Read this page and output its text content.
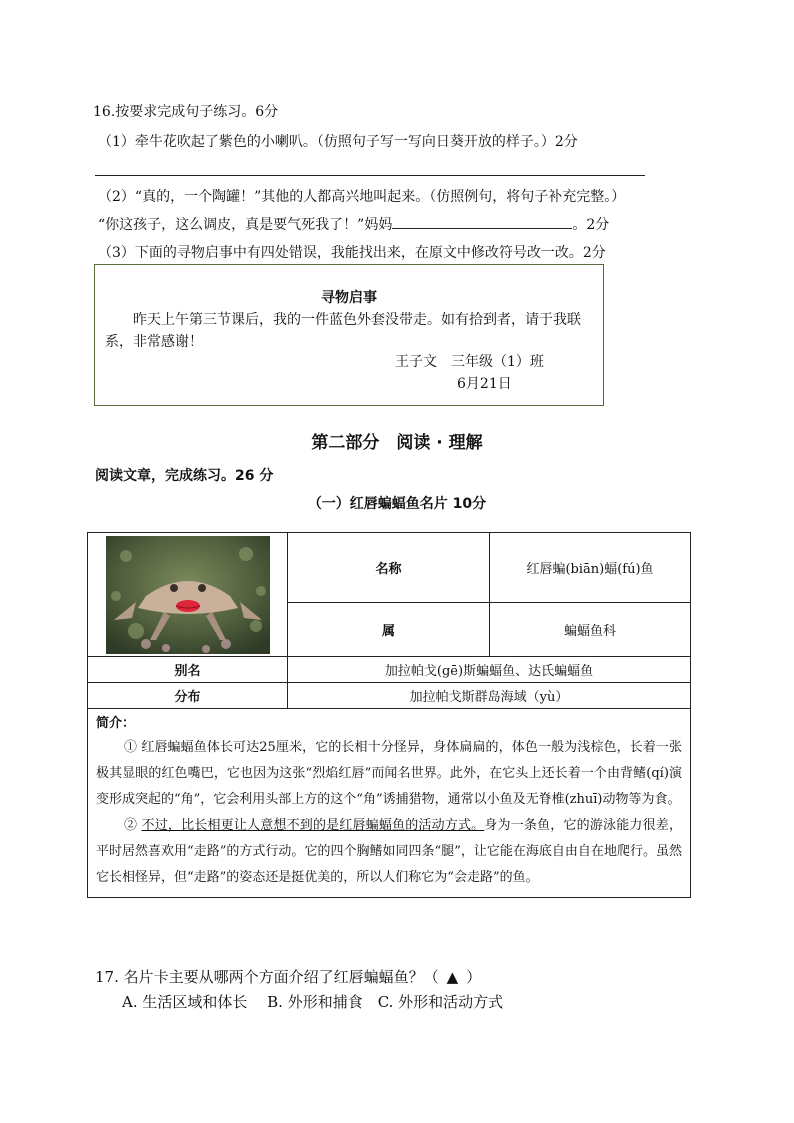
16.按要求完成句子练习。6分
（1）牵牛花吹起了紫色的小喇叭。（仿照句子写一写向日葵开放的样子。）2分
（2）“真的，一个陶罐！”其他的人都高兴地叫起来。（仿照例句，将句子补充完整。）
“你这孩子，这么调皮，真是要气死我了！”妈妈	。2分
（3）下面的寻物启事中有四处错误，我能找出来，在原文中修改符号改一改。2分
寻物启事
昨天上午第三节课后，我的一件蓝色外套没带走。如有拾到者，请于我联系，非常感谢！
王子文　三年级（1）班
6月21日
第二部分　阅读 · 理解
阅读文章，完成练习。26 分
（一）红唇蝙蝠鱼名片 10分
	名称	红唇蝙(biān)蝠(fú)鱼
	属	蝙蝠鱼科
别名	加拉帕戈(gē)斯蝙蝠鱼、达氏蝙蝠鱼	
分布	加拉帕戈斯群岛海域（yù）	

简介：
① 红唇蝙蝠鱼体长可达25厘米，它的长相十分怪异，身体扁扁的，体色一般为浅棕色，长着一张极其显眼的红色嘴巴，它也因为这张“烈焰红唇”而闻名世界。此外，在它头上还长着一个由背鳍(qí)演变形成突起的“角”，它会利用头部上方的这个“角”诱捕猎物，通常以小鱼及无脊椎(zhuī)动物等为食。
② 不过，比长相更让人意想不到的是红唇蝙蝠鱼的活动方式。身为一条鱼，它的游泳能力很差，平时居然喜欢用“走路”的方式行动。它的四个胸鳍如同四条“腿”，让它能在海底自由自在地爬行。虽然它长相怪异，但“走路”的姿态还是挺优美的，所以人们称它为“会走路”的鱼。		
17. 名片卡主要从哪两个方面介绍了红唇蝙蝠鱼？（ ▲ ）
A. 生活区域和体长　 B. 外形和捕食　C. 外形和活动方式
